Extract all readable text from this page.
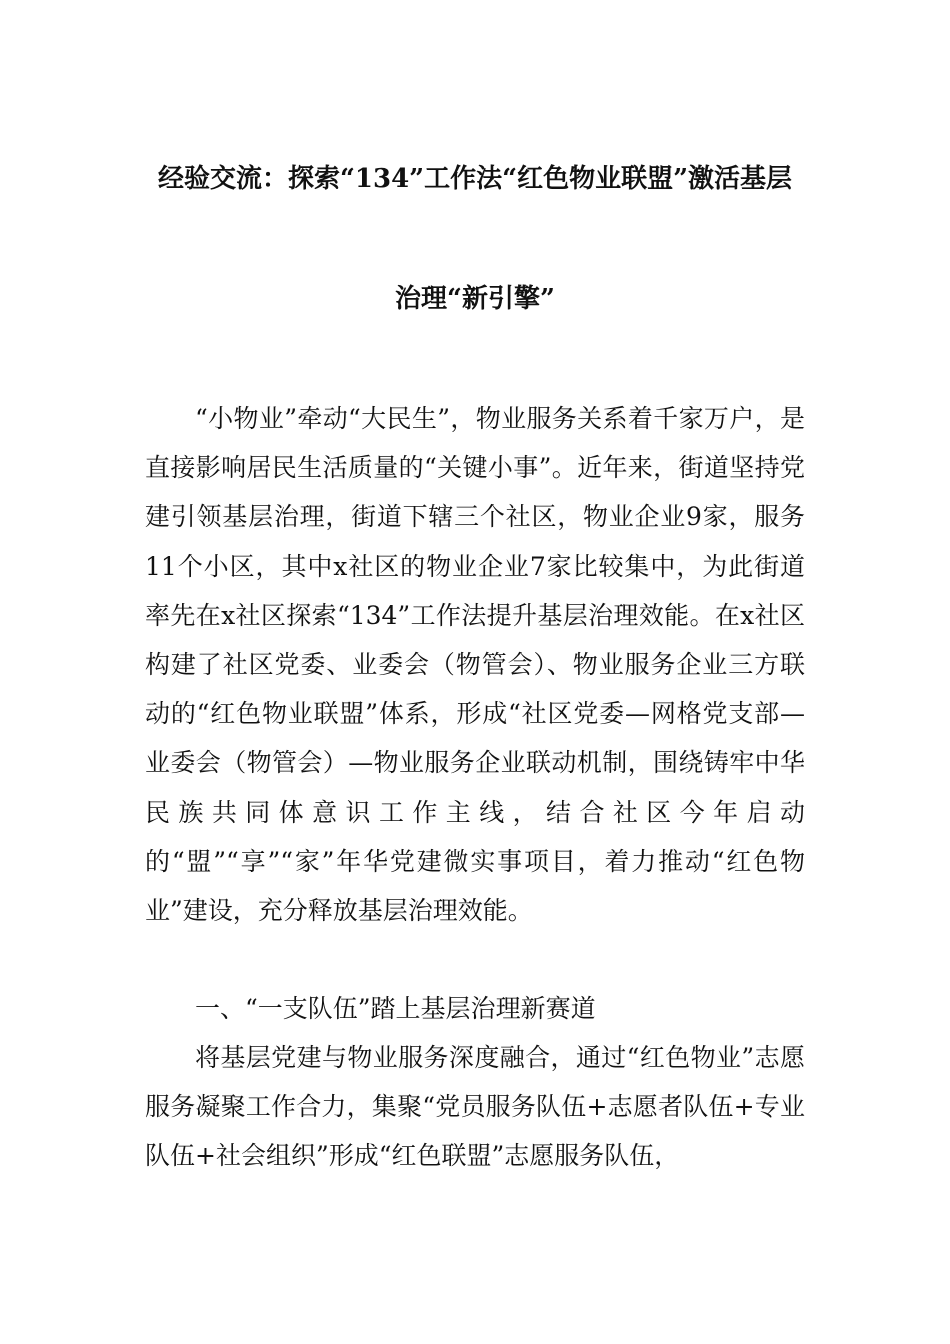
经验交流：探索“134”工作法“红色物业联盟”激活基层
治理“新引擎”

“小物业”牵动“大民生”，物业服务关系着千家万户，是直接影响居民生活质量的“关键小事”。近年来，街道坚持党建引领基层治理，街道下辖三个社区，物业企业9家，服务11个小区，其中x社区的物业企业7家比较集中，为此街道率先在x社区探索“134”工作法提升基层治理效能。在x社区构建了社区党委、业委会（物管会）、物业服务企业三方联动的“红色物业联盟”体系，形成“社区党委—网格党支部—业委会（物管会）—物业服务企业联动机制，围绕铸牢中华民族共同体意识工作主线，结合社区今年启动的“盟”“享”“家”年华党建微实事项目，着力推动“红色物业”建设，充分释放基层治理效能。

一、“一支队伍”踏上基层治理新赛道

将基层党建与物业服务深度融合，通过“红色物业”志愿服务凝聚工作合力，集聚“党员服务队伍+志愿者队伍+专业队伍+社会组织”形成“红色联盟”志愿服务队伍，
